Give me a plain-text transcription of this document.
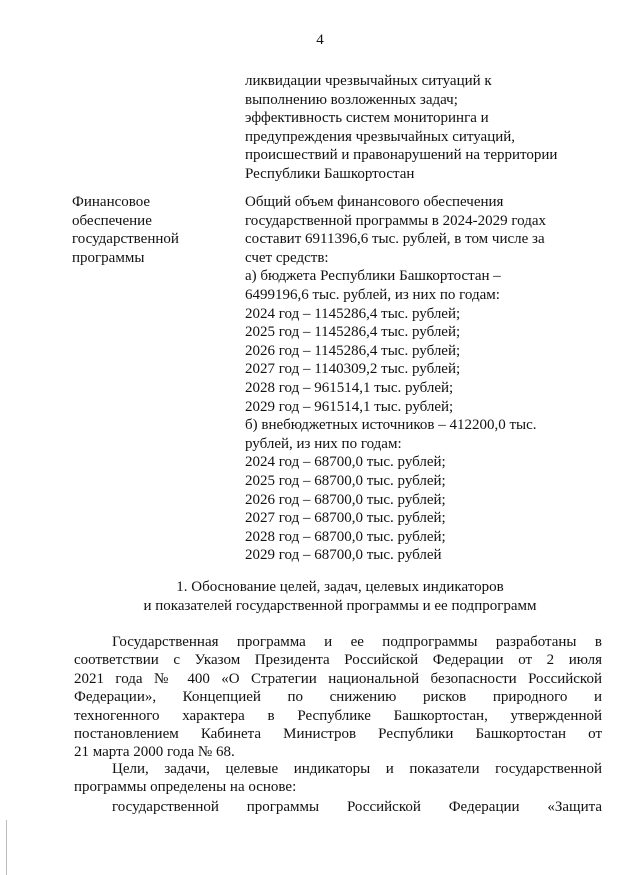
4
ликвидации чрезвычайных ситуаций к
выполнению возложенных задач;
эффективность систем мониторинга и
предупреждения чрезвычайных ситуаций,
происшествий и правонарушений на территории
Республики Башкортостан
Финансовое
обеспечение
государственной
программы
Общий объем финансового обеспечения
государственной программы в 2024-2029 годах
составит 6911396,6 тыс. рублей, в том числе за
счет средств:
а) бюджета Республики Башкортостан –
6499196,6 тыс. рублей, из них по годам:
2024 год – 1145286,4 тыс. рублей;
2025 год – 1145286,4 тыс. рублей;
2026 год – 1145286,4 тыс. рублей;
2027 год – 1140309,2 тыс. рублей;
2028 год – 961514,1 тыс. рублей;
2029 год – 961514,1 тыс. рублей;
б) внебюджетных источников – 412200,0 тыс.
рублей, из них по годам:
2024 год – 68700,0 тыс. рублей;
2025 год – 68700,0 тыс. рублей;
2026 год – 68700,0 тыс. рублей;
2027 год – 68700,0 тыс. рублей;
2028 год – 68700,0 тыс. рублей;
2029 год – 68700,0 тыс. рублей
1. Обоснование целей, задач, целевых индикаторов
и показателей государственной программы и ее подпрограмм
Государственная программа и ее подпрограммы разработаны в
соответствии с Указом Президента Российской Федерации от 2 июля
2021 года № 400 «О Стратегии национальной безопасности Российской
Федерации», Концепцией по снижению рисков природного и
техногенного характера в Республике Башкортостан, утвержденной
постановлением Кабинета Министров Республики Башкортостан от
21 марта 2000 года № 68.
Цели, задачи, целевые индикаторы и показатели государственной
программы определены на основе:
государственной программы Российской Федерации «Защита
